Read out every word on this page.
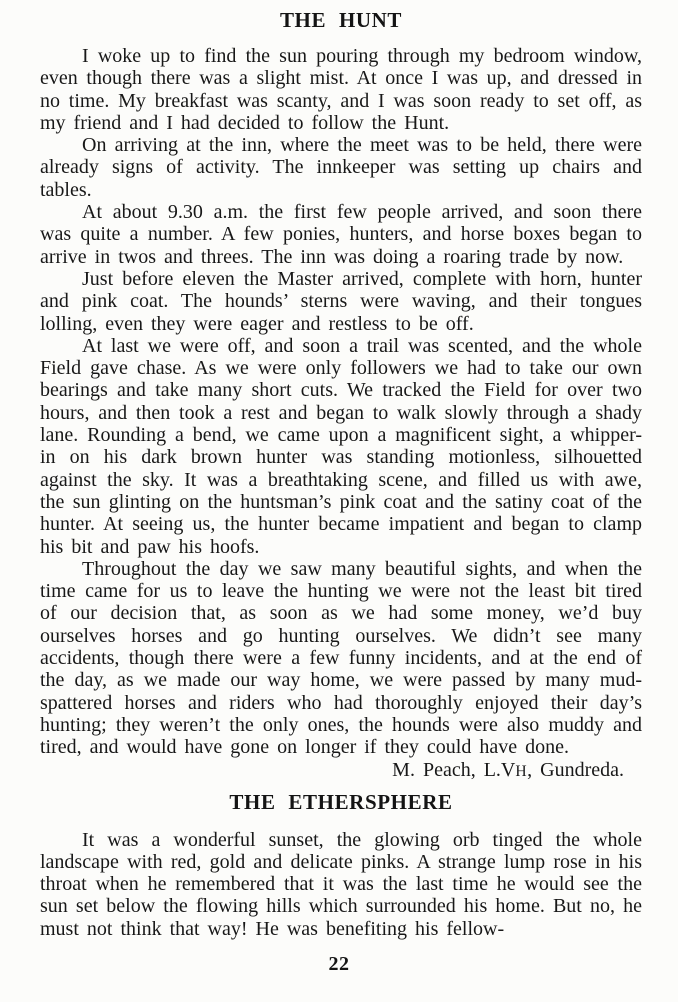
THE HUNT

I woke up to find the sun pouring through my bedroom window, even though there was a slight mist. At once I was up, and dressed in no time. My breakfast was scanty, and I was soon ready to set off, as my friend and I had decided to follow the Hunt.

On arriving at the inn, where the meet was to be held, there were already signs of activity. The innkeeper was setting up chairs and tables.

At about 9.30 a.m. the first few people arrived, and soon there was quite a number. A few ponies, hunters, and horse boxes began to arrive in twos and threes. The inn was doing a roaring trade by now.

Just before eleven the Master arrived, complete with horn, hunter and pink coat. The hounds’ sterns were waving, and their tongues lolling, even they were eager and restless to be off.

At last we were off, and soon a trail was scented, and the whole Field gave chase. As we were only followers we had to take our own bearings and take many short cuts. We tracked the Field for over two hours, and then took a rest and began to walk slowly through a shady lane. Rounding a bend, we came upon a magnificent sight, a whipper-in on his dark brown hunter was standing motionless, silhouetted against the sky. It was a breathtaking scene, and filled us with awe, the sun glinting on the huntsman’s pink coat and the satiny coat of the hunter. At seeing us, the hunter became impatient and began to clamp his bit and paw his hoofs.

Throughout the day we saw many beautiful sights, and when the time came for us to leave the hunting we were not the least bit tired of our decision that, as soon as we had some money, we’d buy ourselves horses and go hunting ourselves. We didn’t see many accidents, though there were a few funny incidents, and at the end of the day, as we made our way home, we were passed by many mud-spattered horses and riders who had thoroughly enjoyed their day’s hunting; they weren’t the only ones, the hounds were also muddy and tired, and would have gone on longer if they could have done.
M. Peach, L.VH, Gundreda.

THE ETHERSPHERE

It was a wonderful sunset, the glowing orb tinged the whole landscape with red, gold and delicate pinks. A strange lump rose in his throat when he remembered that it was the last time he would see the sun set below the flowing hills which surrounded his home. But no, he must not think that way! He was benefiting his fellow-

22
